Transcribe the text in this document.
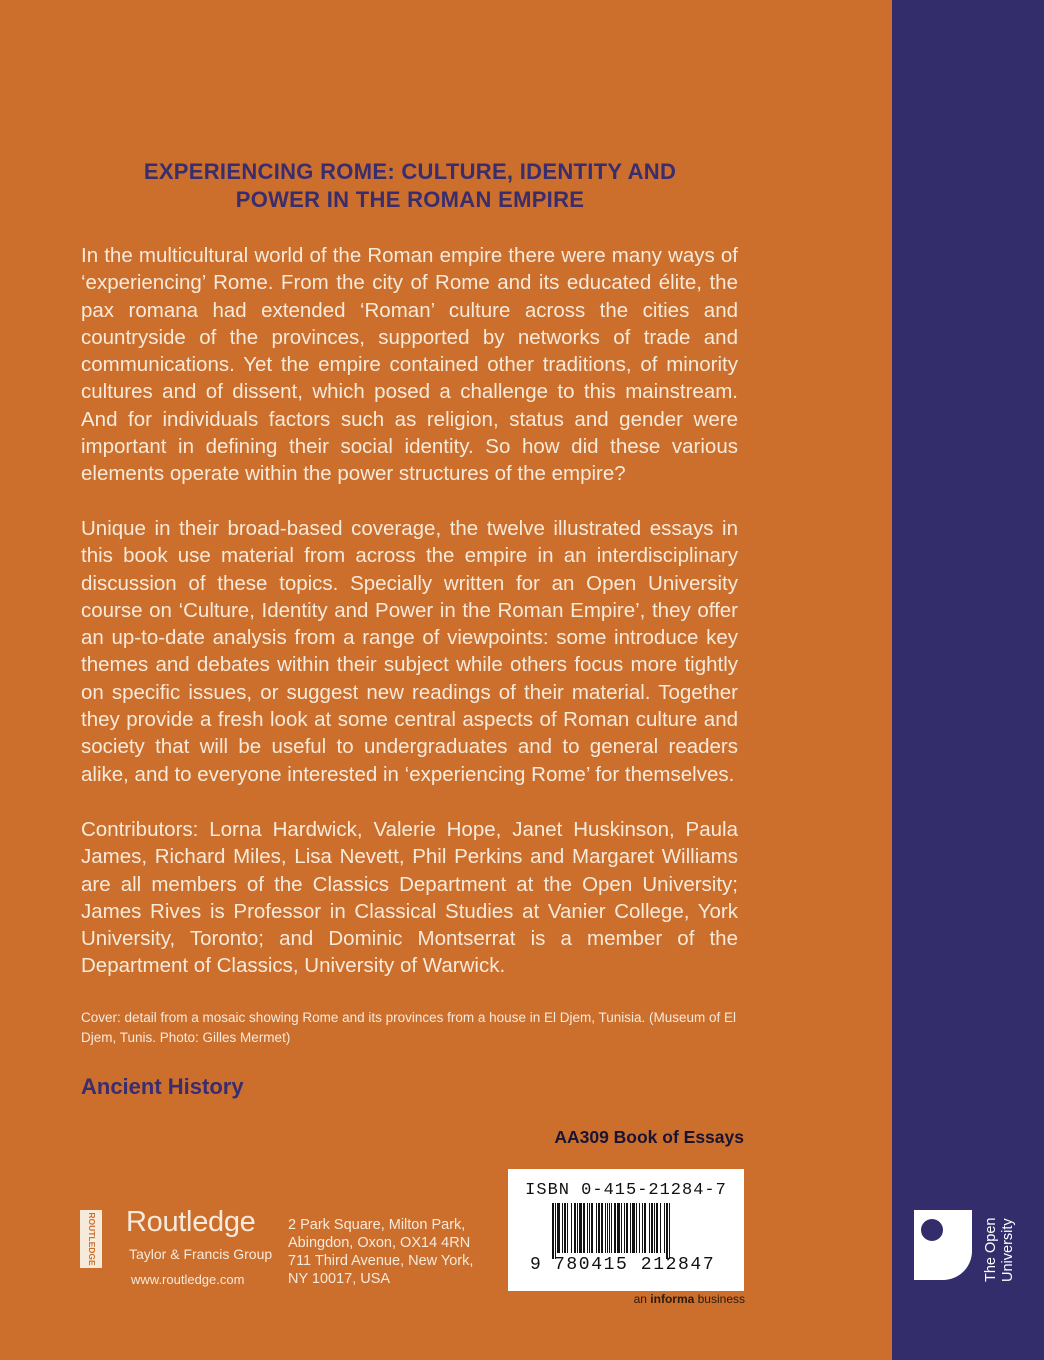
EXPERIENCING ROME: CULTURE, IDENTITY AND
POWER IN THE ROMAN EMPIRE

In the multicultural world of the Roman empire there were many ways of ‘experiencing’ Rome. From the city of Rome and its educated élite, the pax romana had extended ‘Roman’ culture across the cities and countryside of the provinces, supported by networks of trade and communications. Yet the empire contained other traditions, of minority cultures and of dissent, which posed a challenge to this mainstream. And for individuals factors such as religion, status and gender were important in defining their social identity. So how did these various elements operate within the power structures of the empire?

Unique in their broad-based coverage, the twelve illustrated essays in this book use material from across the empire in an interdisciplinary discussion of these topics. Specially written for an Open University course on ‘Culture, Identity and Power in the Roman Empire’, they offer an up-to-date analysis from a range of viewpoints: some introduce key themes and debates within their subject while others focus more tightly on specific issues, or suggest new readings of their material. Together they provide a fresh look at some central aspects of Roman culture and society that will be useful to undergraduates and to general readers alike, and to everyone interested in ‘experiencing Rome’ for themselves.

Contributors: Lorna Hardwick, Valerie Hope, Janet Huskinson, Paula James, Richard Miles, Lisa Nevett, Phil Perkins and Margaret Williams are all members of the Classics Department at the Open University; James Rives is Professor in Classical Studies at Vanier College, York University, Toronto; and Dominic Montserrat is a member of the Department of Classics, University of Warwick.

Cover: detail from a mosaic showing Rome and its provinces from a house in El Djem, Tunisia. (Museum of El Djem, Tunis. Photo: Gilles Mermet)

Ancient History
AA309 Book of Essays
ISBN 0-415-21284-7
9 780415 212847
an informa business
ROUTLEDGE Routledge
Taylor & Francis Group
www.routledge.com
2 Park Square, Milton Park,
Abingdon, Oxon, OX14 4RN
711 Third Avenue, New York,
NY 10017, USA	The Open University
